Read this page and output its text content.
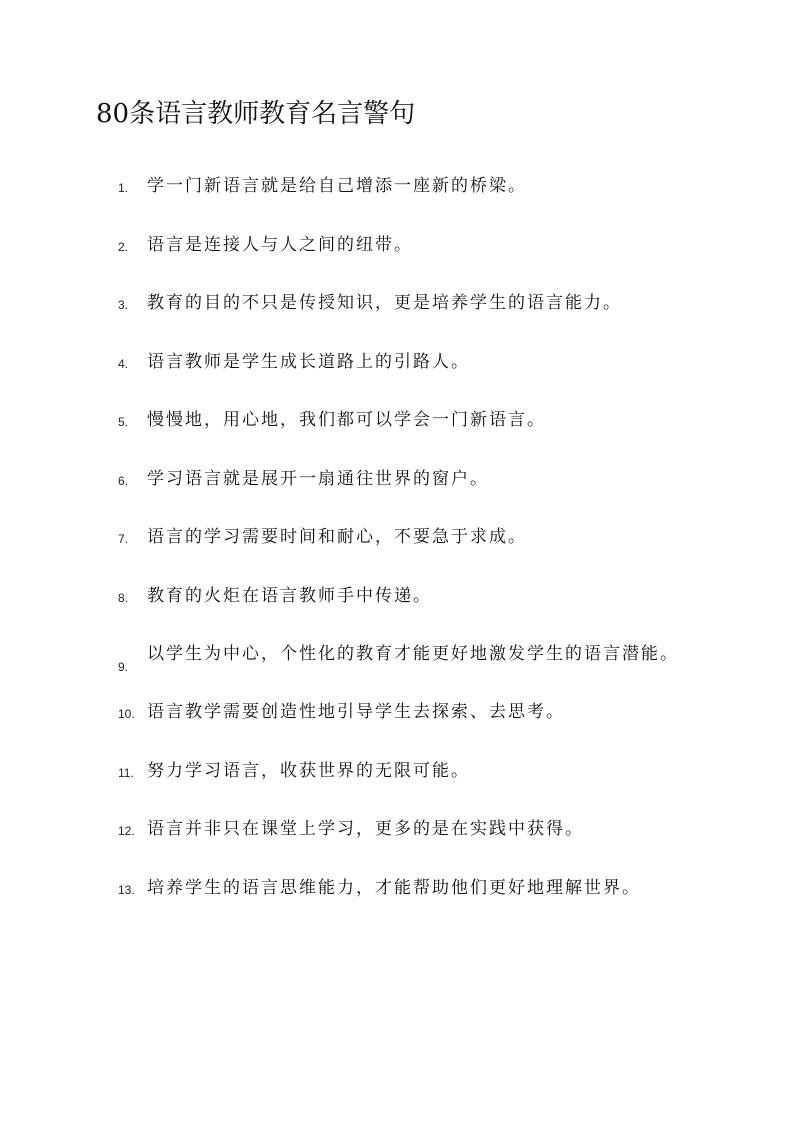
80条语言教师教育名言警句
1. 学一门新语言就是给自己增添一座新的桥梁。
2. 语言是连接人与人之间的纽带。
3. 教育的目的不只是传授知识，更是培养学生的语言能力。
4. 语言教师是学生成长道路上的引路人。
5. 慢慢地，用心地，我们都可以学会一门新语言。
6. 学习语言就是展开一扇通往世界的窗户。
7. 语言的学习需要时间和耐心，不要急于求成。
8. 教育的火炬在语言教师手中传递。
9.
以学生为中心，个性化的教育才能更好地激发学生的语言潜能。
10. 语言教学需要创造性地引导学生去探索、去思考。
11. 努力学习语言，收获世界的无限可能。
12. 语言并非只在课堂上学习，更多的是在实践中获得。
13. 培养学生的语言思维能力，才能帮助他们更好地理解世界。
